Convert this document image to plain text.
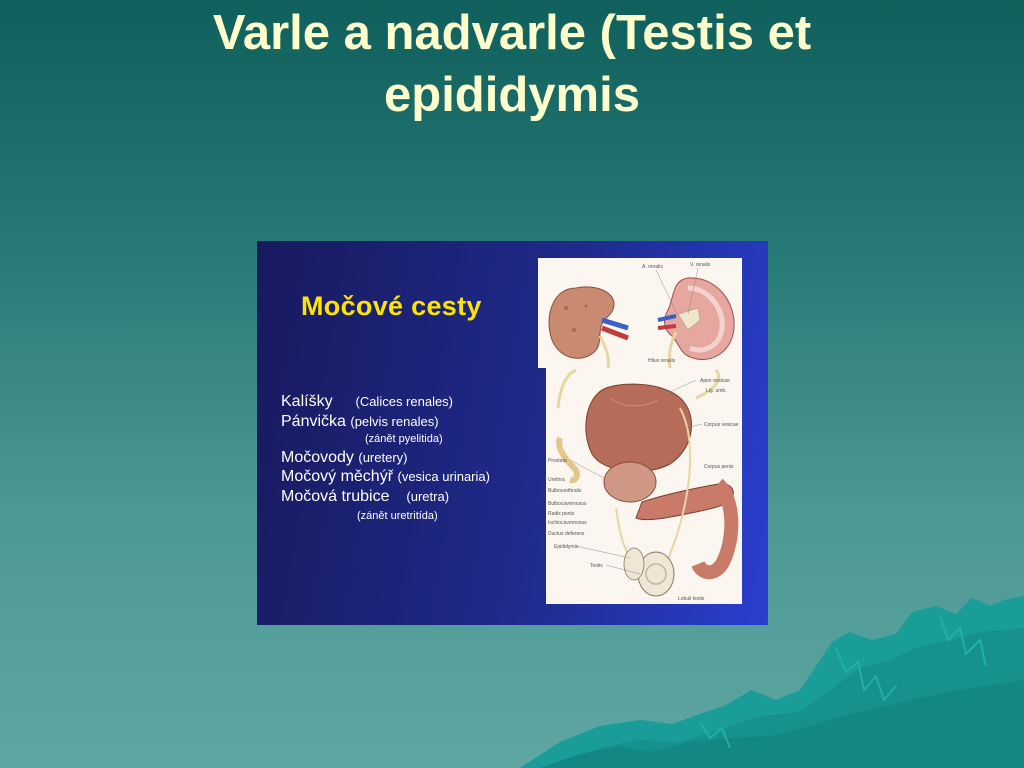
Varle a nadvarle (Testis et epididymis
Močové cesty
Kalíšky (Calices renales)
Pánvička (pelvis renales)
(zánět pyelitida)
Močovody (uretery)
Močový měchýř (vesica urinaria)
Močová trubice (uretra)
(zánět uretritída)
A. renalis	V. renalis
Hilus renalis
Apex vesicae
Lig. umb.
Corpus vesicae
Prostata
Corpus penis
Urethra
Bulbourethralis
Bulbocavernosus
Radix penis
Ischiocavernosus
Ductus deferens
Epididymis
Testis
Lobuli testis
